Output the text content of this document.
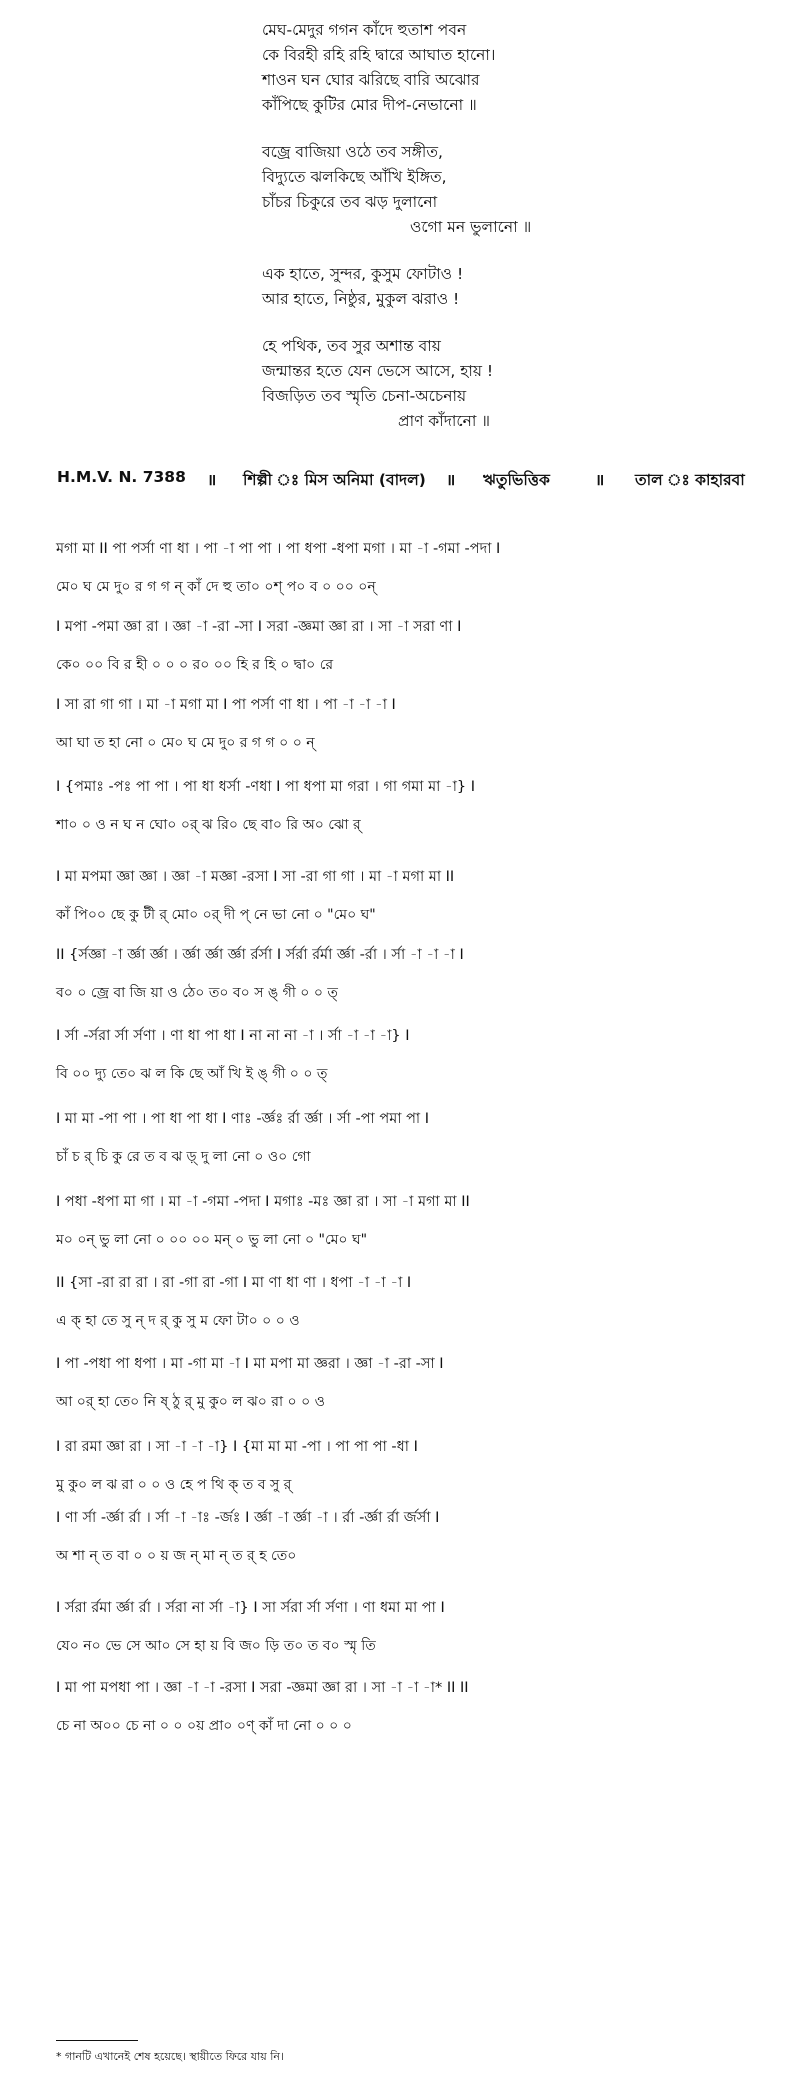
মেঘ-মেদুর গগন কাঁদে হুতাশ পবন
কে বিরহী রহি রহি দ্বারে আঘাত হানো।
শাওন ঘন ঘোর ঝরিছে বারি অঝোর
কাঁপিছে কুটির মোর দীপ-নেভানো ॥
বজ্রে বাজিয়া ওঠে তব সঙ্গীত,
বিদ্যুতে ঝলকিছে আঁখি ইঙ্গিত,
চাঁচর চিকুরে তব ঝড় দুলানো
ওগো মন ভুলানো ॥
এক হাতে, সুন্দর, কুসুম ফোটাও !
আর হাতে, নিষ্ঠুর, মুকুল ঝরাও !
হে পথিক, তব সুর অশান্ত বায়
জন্মান্তর হতে যেন ভেসে আসে, হায় !
বিজড়িত তব স্মৃতি চেনা-অচেনায়
প্রাণ কাঁদানো ॥
H.M.V. N. 7388 ॥ শিল্পী ঃ মিস অনিমা (বাদল) ॥ ঋতুভিত্তিক	॥ তাল ঃ কাহারবা
মগা মা II পা পর্সা ণা ধা । পা -া পা পা । পা ধপা -ধপা মগা । মা -া -গমা -পদা I
মে০ ঘ মে দু০ র গ গ ন্ কাঁ দে হু তা০ ০শ্ প০ ব ০ ০০ ০ন্
I মপা -পমা জ্ঞা রা । জ্ঞা -া -রা -সা I সরা -জ্ঞমা জ্ঞা রা । সা -া সরা ণা I
কে০ ০০ বি র হী ০ ০ ০ র০ ০০ হি র হি ০ দ্বা০ রে
I সা রা গা গা । মা -া মগা মা I পা পর্সা ণা ধা । পা -া -া -া I
আ ঘা ত হা নো ০ মে০ ঘ মে দু০ র গ গ ০ ০ ন্
I {পমাঃ -পঃ পা পা । পা ধা ধর্সা -ণধা I পা ধপা মা গরা । গা গমা মা -া} I
শা০ ০ ও ন ঘ ন ঘো০ ০র্ ঝ রি০ ছে বা০ রি অ০ ঝো র্
I মা মপমা জ্ঞা জ্ঞা । জ্ঞা -া মজ্ঞা -রসা I সা -রা গা গা । মা -া মগা মা II
কাঁ পি০০ ছে কু টী র্ মো০ ০র্ দী প্ নে ভা নো ০ "মে০ ঘ"
II {র্সজ্ঞা -া র্জ্ঞা র্জ্ঞা । র্জ্ঞা র্জ্ঞা র্জ্ঞা র্রর্সা I র্সর্রা র্রর্মা র্জ্ঞা -র্রা । র্সা -া -া -া I
ব০ ০ জ্রে বা জি য়া ও ঠে০ ত০ ব০ স ঙ্ গী ০ ০ ত্
I র্সা -র্সরা র্সা র্সণা । ণা ধা পা ধা I না না না -া । র্সা -া -া -া} I
বি ০০ দ্যু তে০ ঝ ল কি ছে আঁ খি ই ঙ্ গী ০ ০ ত্
I মা মা -পা পা । পা ধা পা ধা I ণাঃ -র্জ্ঞঃ র্রা র্জ্ঞা । র্সা -পা পমা পা I
চাঁ চ র্ চি কু রে ত ব ঝ ড়্ দু লা নো ০ ও০ গো
I পধা -ধপা মা গা । মা -া -গমা -পদা I মগাঃ -মঃ জ্ঞা রা । সা -া মগা মা II
ম০ ০ন্ ভু লা নো ০ ০০ ০০ মন্ ০ ভু লা নো ০ "মে০ ঘ"
II {সা -রা রা রা । রা -গা রা -গা I মা ণা ধা ণা । ধপা -া -া -া I
এ ক্ হা তে সু ন্ দ র্ কু সু ম ফো টা০ ০ ০ ও
I পা -পধা পা ধপা । মা -গা মা -া I মা মপা মা জ্ঞরা । জ্ঞা -া -রা -সা I
আ ০র্ হা তে০ নি ষ্ ঠু র্ মু কু০ ল ঝ০ রা ০ ০ ও
I রা রমা জ্ঞা রা । সা -া -া -া} I {মা মা মা -পা । পা পা পা -ধা I
মু কু০ ল ঝ রা ০ ০ ও হে প থি ক্ ত ব সু র্
I ণা র্সা -র্জ্ঞা র্রা । র্সা -া -াঃ -র্জঃ I র্জ্ঞা -া র্জ্ঞা -া । র্রা -র্জ্ঞা র্রা র্জর্সা I
অ শা ন্ ত বা ০ ০ য় জ ন্ মা ন্ ত র্ হ তে০
I র্সরা র্রমা র্জ্ঞা র্রা । র্সরা না র্সা -া} I সা র্সরা র্সা র্সণা । ণা ধমা মা পা I
যে০ ন০ ভে সে আ০ সে হা য় বি জ০ ড়ি ত০ ত ব০ স্মৃ তি
I মা পা মপধা পা । জ্ঞা -া -া -রসা I সরা -জ্ঞমা জ্ঞা রা । সা -া -া -া* II II
চে না অ০০ চে না ০ ০ ০য় প্রা০ ০ণ্ কাঁ দা নো ০ ০ ০
* গানটি এখানেই শেষ হয়েছে। স্থায়ীতে ফিরে যায় নি।
